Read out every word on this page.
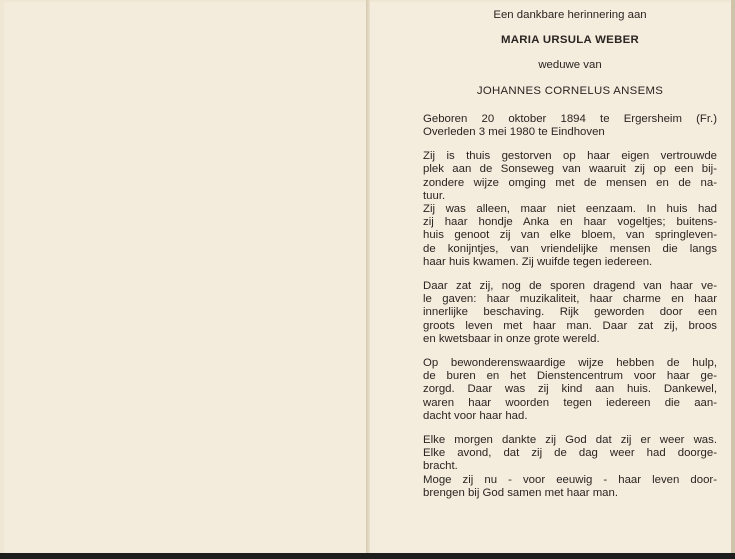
Een dankbare herinnering aan
MARIA URSULA WEBER
weduwe van
JOHANNES CORNELUS ANSEMS
Geboren 20 oktober 1894 te Ergersheim (Fr.)
Overleden 3 mei 1980 te Eindhoven
Zij is thuis gestorven op haar eigen vertrouwde
plek aan de Sonseweg van waaruit zij op een bij-
zondere wijze omging met de mensen en de na-
tuur.
Zij was alleen, maar niet eenzaam. In huis had
zij haar hondje Anka en haar vogeltjes; buitens-
huis genoot zij van elke bloem, van springleven-
de konijntjes, van vriendelijke mensen die langs
haar huis kwamen. Zij wuifde tegen iedereen.
Daar zat zij, nog de sporen dragend van haar ve-
le gaven: haar muzikaliteit, haar charme en haar
innerlijke beschaving. Rijk geworden door een
groots leven met haar man. Daar zat zij, broos
en kwetsbaar in onze grote wereld.
Op bewonderenswaardige wijze hebben de hulp,
de buren en het Dienstencentrum voor haar ge-
zorgd. Daar was zij kind aan huis. Dankewel,
waren haar woorden tegen iedereen die aan-
dacht voor haar had.
Elke morgen dankte zij God dat zij er weer was.
Elke avond, dat zij de dag weer had doorge-
bracht.
Moge zij nu - voor eeuwig - haar leven door-
brengen bij God samen met haar man.
